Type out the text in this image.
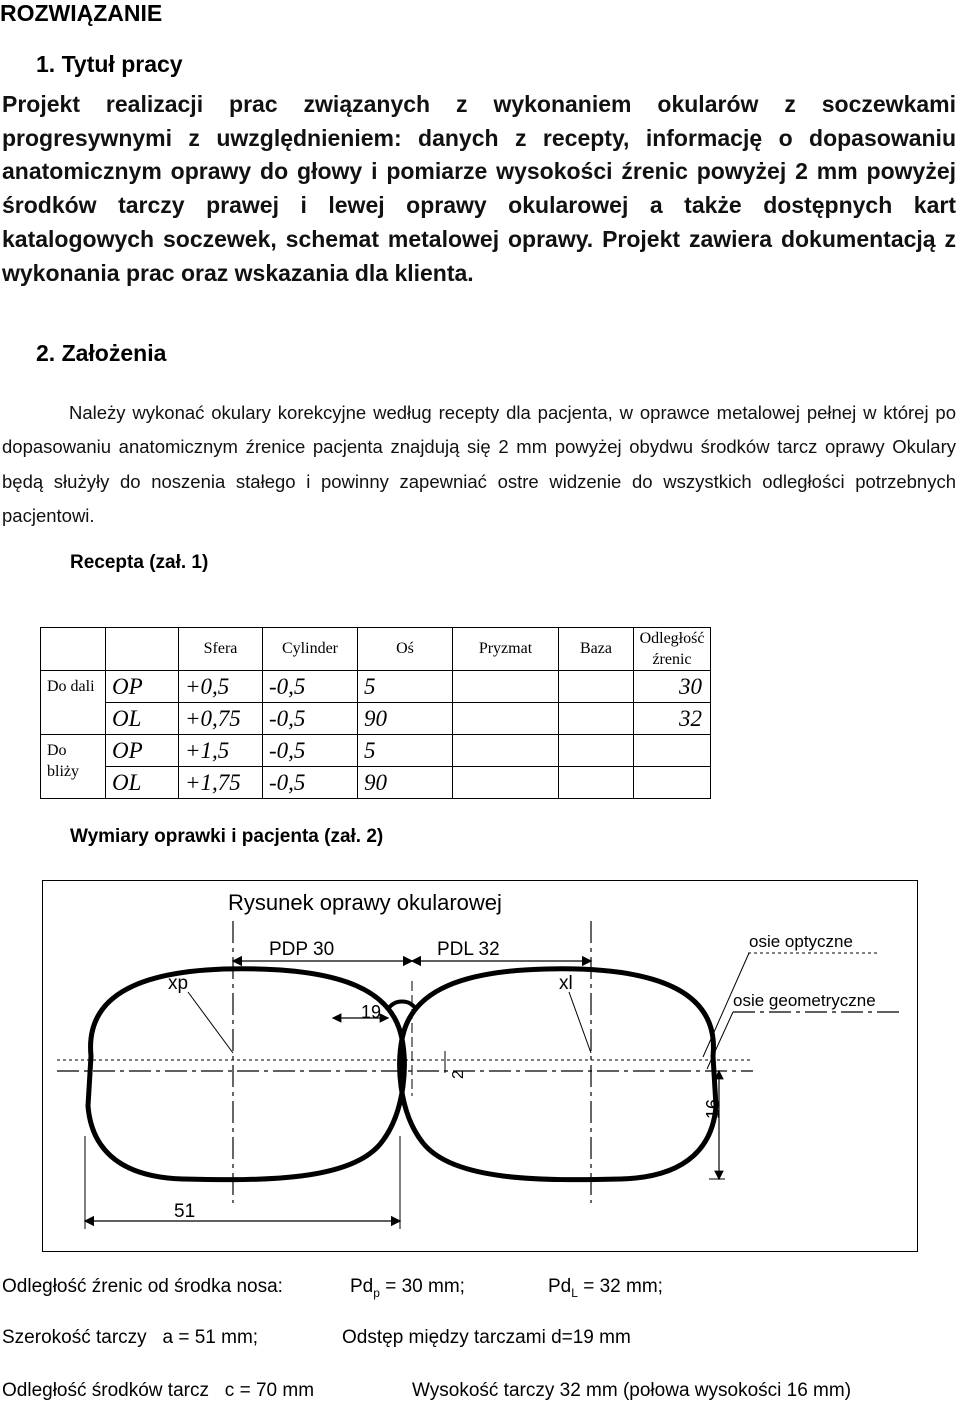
ROZWIĄZANIE
1. Tytuł pracy
Projekt realizacji prac związanych z wykonaniem okularów z soczewkami progresywnymi z uwzględnieniem: danych z recepty, informację o dopasowaniu anatomicznym oprawy do głowy i pomiarze wysokości źrenic powyżej 2 mm powyżej środków tarczy prawej i lewej oprawy okularowej a także dostępnych kart katalogowych soczewek, schemat metalowej oprawy. Projekt zawiera dokumentacją z wykonania prac oraz wskazania dla klienta.
2. Założenia
Należy wykonać okulary korekcyjne według recepty dla pacjenta, w oprawce metalowej pełnej w której po dopasowaniu anatomicznym źrenice pacjenta znajdują się 2 mm powyżej obydwu środków tarcz oprawy Okulary będą służyły do noszenia stałego i powinny zapewniać ostre widzenie do wszystkich odległości potrzebnych pacjentowi.
Recepta (zał. 1)
		Sfera	Cylinder	Oś	Pryzmat	Baza	Odległość źrenic
Do dali	OP	+0,5	-0,5	5			30
	OL	+0,75	-0,5	90			32
Do bliży	OP	+1,5	-0,5	5			
	OL	+1,75	-0,5	90			
Wymiary oprawki i pacjenta (zał. 2)
Rysunek oprawy okularowej
PDP 30	PDL 32
19
xp	xl
2
16
51
osie optyczne
osie geometryczne
Odległość źrenic od środka nosa:	$Pd_p = 30$ mm;	$Pd_L = 32$ mm;
Szerokość tarczy   a = 51 mm;	Odstęp między tarczami d=19 mm
Odległość środków tarcz   c = 70 mm	Wysokość tarczy 32 mm (połowa wysokości 16 mm)
